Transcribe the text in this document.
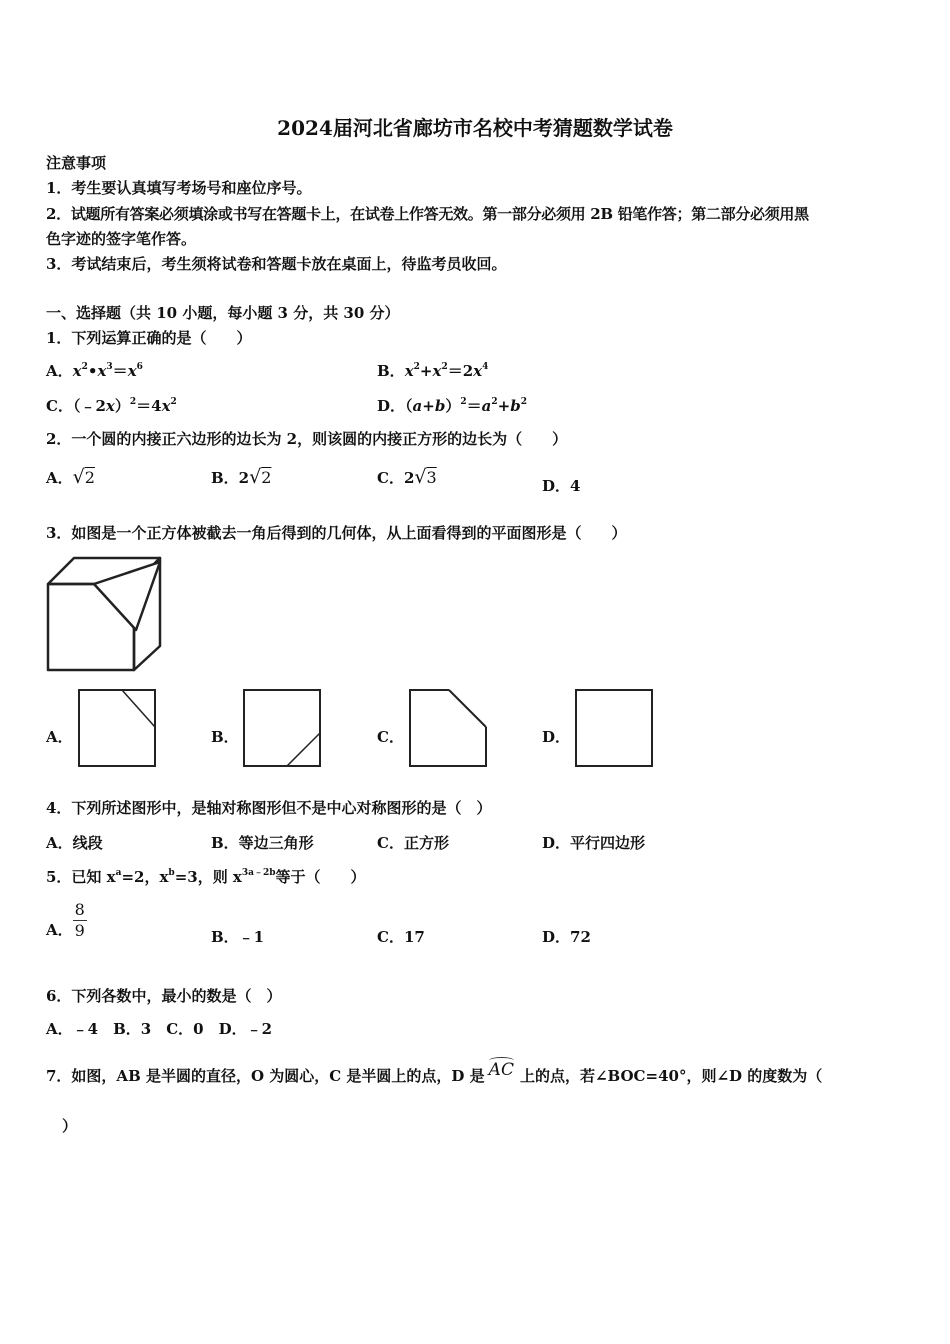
2024届河北省廊坊市名校中考猜题数学试卷
注意事项
1．考生要认真填写考场号和座位序号。
2．试题所有答案必须填涂或书写在答题卡上，在试卷上作答无效。第一部分必须用 2B 铅笔作答；第二部分必须用黑
色字迹的签字笔作答。
3．考试结束后，考生须将试卷和答题卡放在桌面上，待监考员收回。
一、选择题（共 10 小题，每小题 3 分，共 30 分）
1．下列运算正确的是（　　）
A．$x^2•x^3=x^6$	B．$x^2+x^2=2x^4$
C．$(﹣2x)^2=4x^2$	D．$(a+b)^2=a^2+b^2$
2．一个圆的内接正六边形的边长为 2，则该圆的内接正方形的边长为（　　）
A．√2	B．2√2	C．2√3	D．4
3．如图是一个正方体被截去一角后得到的几何体，从上面看得到的平面图形是（　　）
A．	B．	C．	D．
4．下列所述图形中，是轴对称图形但不是中心对称图形的是（　）
A．线段	B．等边三角形	C．正方形	D．平行四边形
5．已知 $x^a=2$，$x^b=3$，则 $x^{3a﹣2b}$等于（　　）
A． $\frac{8}{9}$	B．﹣1	C．17	D．72
6．下列各数中，最小的数是（　）
A．﹣4　B．3　C．0　D．﹣2
7．如图，AB 是半圆的直径，O 为圆心，C 是半圆上的点，D 是 AC 上的点，若∠BOC=40°，则∠D 的度数为（
）
